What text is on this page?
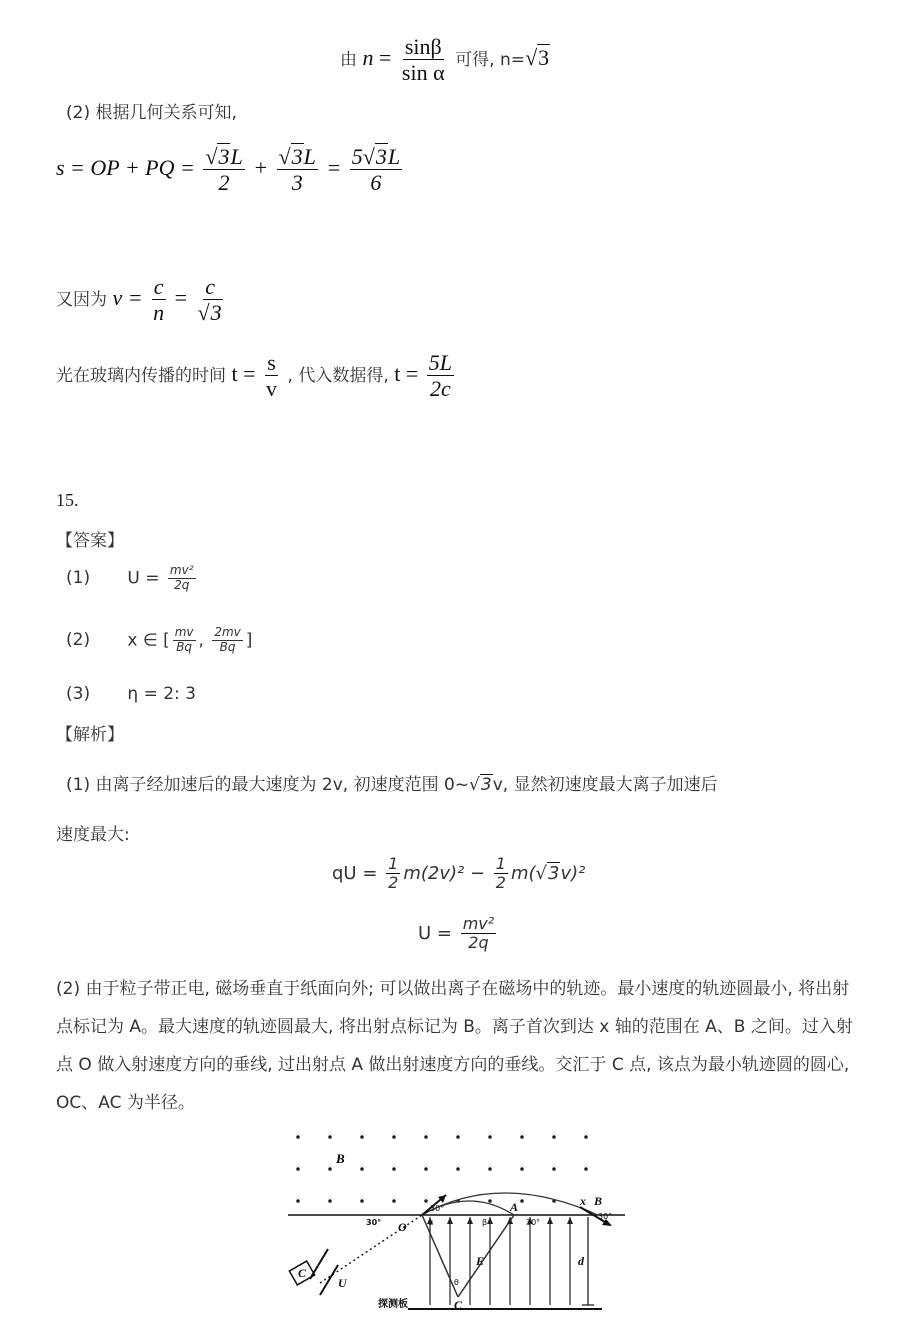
由 $n = \frac{\sin\beta}{\text{sin α}}$ 可得, n=√3
(2) 根据几何关系可知,
s = OP + PQ = $\frac{√3L}{2} + \frac{√3L}{3} = \frac{5√3L}{6}$
又因为 $v = \frac{c}{n} = \frac{c}{√3}$
光在玻璃内传播的时间 $t = \frac{s}{v}$ , 代入数据得, $t = \frac{5L}{2c}$
15.
【答案】
(1) $U = \frac{\text{mv²}}{2q}$
(2) x ∈ [ $\frac{mv}{Bq}$ , $\frac{2mv}{Bq}$ ]
(3) η = 2: 3
【解析】
(1) 由离子经加速后的最大速度为 2v, 初速度范围 0~√3v, 显然初速度最大离子加速后
速度最大:
qU = $\frac{1}{2} m(2v)^2 - \frac{1}{2} m(√3v)^2$
$U = \frac{\text{mv²}}{2q}$
(2) 由于粒子带正电, 磁场垂直于纸面向外; 可以做出离子在磁场中的轨迹。最小速度的轨迹圆最小, 将出射点标记为 A。最大速度的轨迹圆最大, 将出射点标记为 B。离子首次到达 x 轴的范围在 A、B 之间。过入射点 O 做入射速度方向的垂线, 过出射点 A 做出射速度方向的垂线。交汇于 C 点, 该点为最小轨迹圆的圆心, OC、AC 为半径。
B
C
U
O
A	x B
E
C
d
30°
30°
30°
30°
α	β
θ
探测板
